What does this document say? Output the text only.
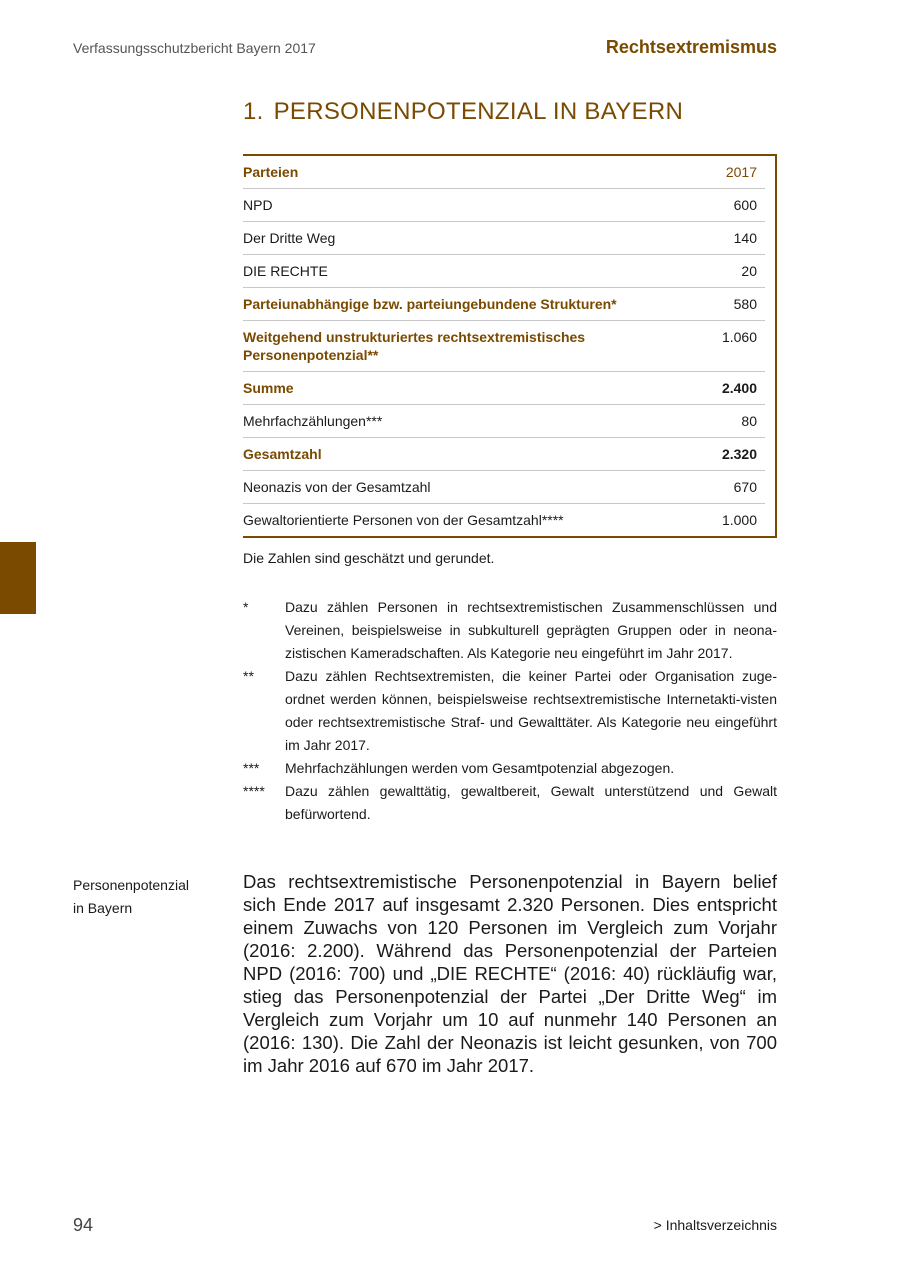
Verfassungsschutzbericht Bayern 2017	Rechtsextremismus
1. PERSONENPOTENZIAL IN BAYERN
Parteien	2017
NPD	600
Der Dritte Weg	140
DIE RECHTE	20
Parteiunabhängige bzw. parteiungebundene Strukturen*	580
Weitgehend unstrukturiertes rechtsextremistisches Personenpotenzial**	1.060
Summe	2.400
Mehrfachzählungen***	80
Gesamtzahl	2.320
Neonazis von der Gesamtzahl	670
Gewaltorientierte Personen von der Gesamtzahl****	1.000
Die Zahlen sind geschätzt und gerundet.
*	Dazu zählen Personen in rechtsextremistischen Zusammenschlüssen und Vereinen, beispielsweise in subkulturell geprägten Gruppen oder in neona-zistischen Kameradschaften. Als Kategorie neu eingeführt im Jahr 2017.
**	Dazu zählen Rechtsextremisten, die keiner Partei oder Organisation zuge-ordnet werden können, beispielsweise rechtsextremistische Internetakti-visten oder rechtsextremistische Straf- und Gewalttäter. Als Kategorie neu eingeführt im Jahr 2017.
***	Mehrfachzählungen werden vom Gesamtpotenzial abgezogen.
****	Dazu zählen gewalttätig, gewaltbereit, Gewalt unterstützend und Gewalt befürwortend.
Personenpotenzial
in Bayern
Das rechtsextremistische Personenpotenzial in Bayern belief sich Ende 2017 auf insgesamt 2.320 Personen. Dies entspricht einem Zuwachs von 120 Personen im Vergleich zum Vorjahr (2016: 2.200). Während das Personenpotenzial der Parteien NPD (2016: 700) und „DIE RECHTE“ (2016: 40) rückläufig war, stieg das Personenpotenzial der Partei „Der Dritte Weg“ im Vergleich zum Vorjahr um 10 auf nunmehr 140 Personen an (2016: 130). Die Zahl der Neonazis ist leicht gesunken, von 700 im Jahr 2016 auf 670 im Jahr 2017.
94	> Inhaltsverzeichnis
